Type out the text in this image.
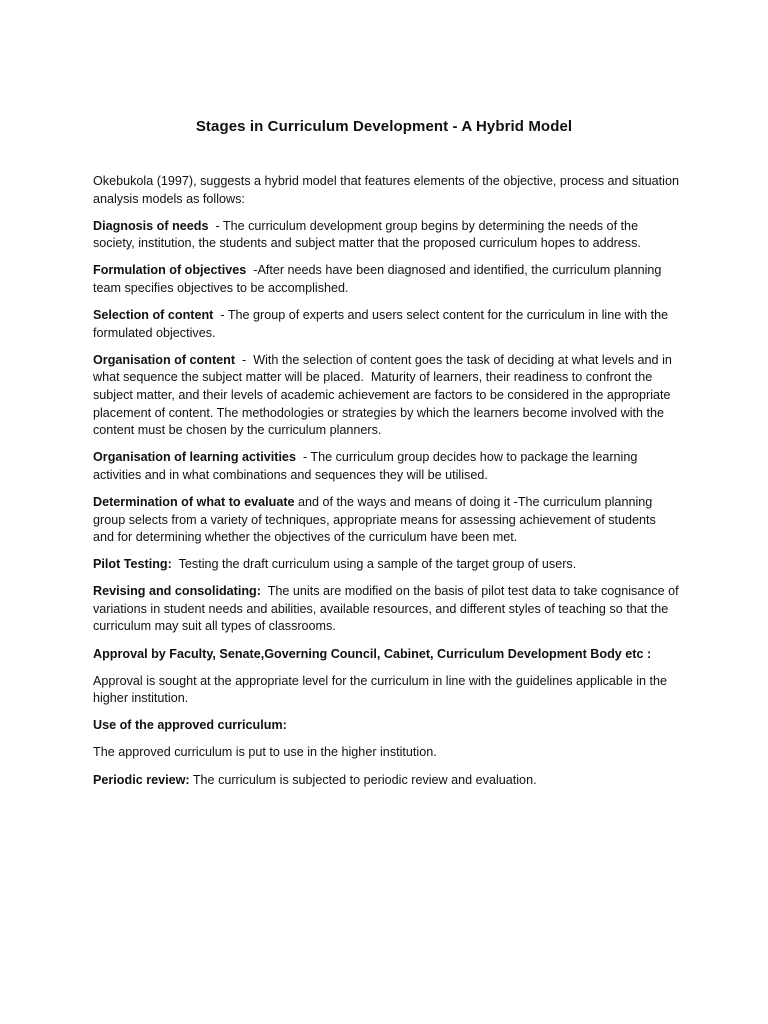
Stages in Curriculum Development - A Hybrid Model

Okebukola (1997), suggests a hybrid model that features elements of the objective, process and situation analysis models as follows:

Diagnosis of needs  - The curriculum development group begins by determining the needs of the society, institution, the students and subject matter that the proposed curriculum hopes to address.

Formulation of objectives  -After needs have been diagnosed and identified, the curriculum planning team specifies objectives to be accomplished.

Selection of content  - The group of experts and users select content for the curriculum in line with the formulated objectives.

Organisation of content  -  With the selection of content goes the task of deciding at what levels and in what sequence the subject matter will be placed.  Maturity of learners, their readiness to confront the subject matter, and their levels of academic achievement are factors to be considered in the appropriate placement of content. The methodologies or strategies by which the learners become involved with the content must be chosen by the curriculum planners.

Organisation of learning activities  - The curriculum group decides how to package the learning activities and in what combinations and sequences they will be utilised.

Determination of what to evaluate and of the ways and means of doing it -The curriculum planning group selects from a variety of techniques, appropriate means for assessing achievement of students and for determining whether the objectives of the curriculum have been met.

Pilot Testing:  Testing the draft curriculum using a sample of the target group of users.

Revising and consolidating:  The units are modified on the basis of pilot test data to take cognisance of variations in student needs and abilities, available resources, and different styles of teaching so that the curriculum may suit all types of classrooms.

Approval by Faculty, Senate,Governing Council, Cabinet, Curriculum Development Body etc :

Approval is sought at the appropriate level for the curriculum in line with the guidelines applicable in the higher institution.

Use of the approved curriculum:

The approved curriculum is put to use in the higher institution.

Periodic review: The curriculum is subjected to periodic review and evaluation.
